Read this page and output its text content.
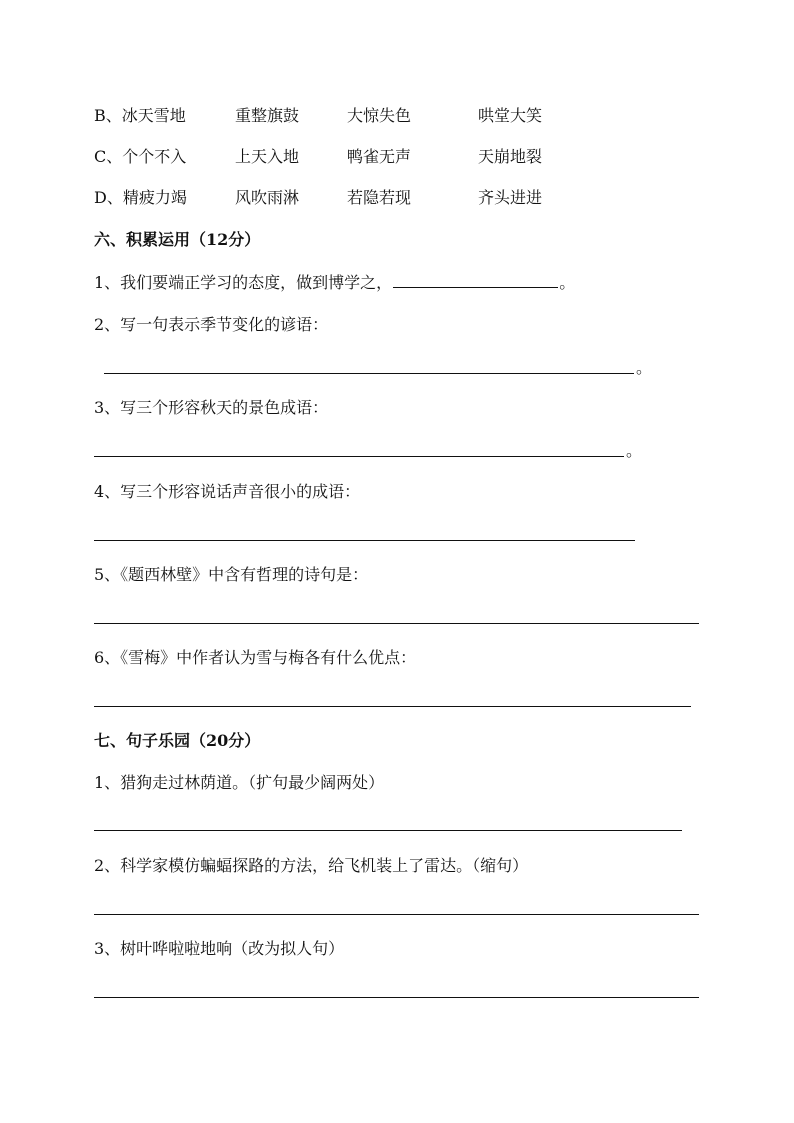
B、冰天雪地	重整旗鼓	大惊失色	哄堂大笑
C、个个不入	上天入地	鸭雀无声	天崩地裂
D、精疲力竭	风吹雨淋	若隐若现	齐头进进
六、积累运用（12分）
1、我们要端正学习的态度，做到博学之，	。
2、写一句表示季节变化的谚语：
。
3、写三个形容秋天的景色成语：
。
4、写三个形容说话声音很小的成语：
5、《题西林壁》中含有哲理的诗句是：
6、《雪梅》中作者认为雪与梅各有什么优点：
七、句子乐园（20分）
1、猎狗走过林荫道。（扩句最少阔两处）
2、科学家模仿蝙蝠探路的方法，给飞机装上了雷达。（缩句）
3、树叶哗啦啦地响（改为拟人句）
